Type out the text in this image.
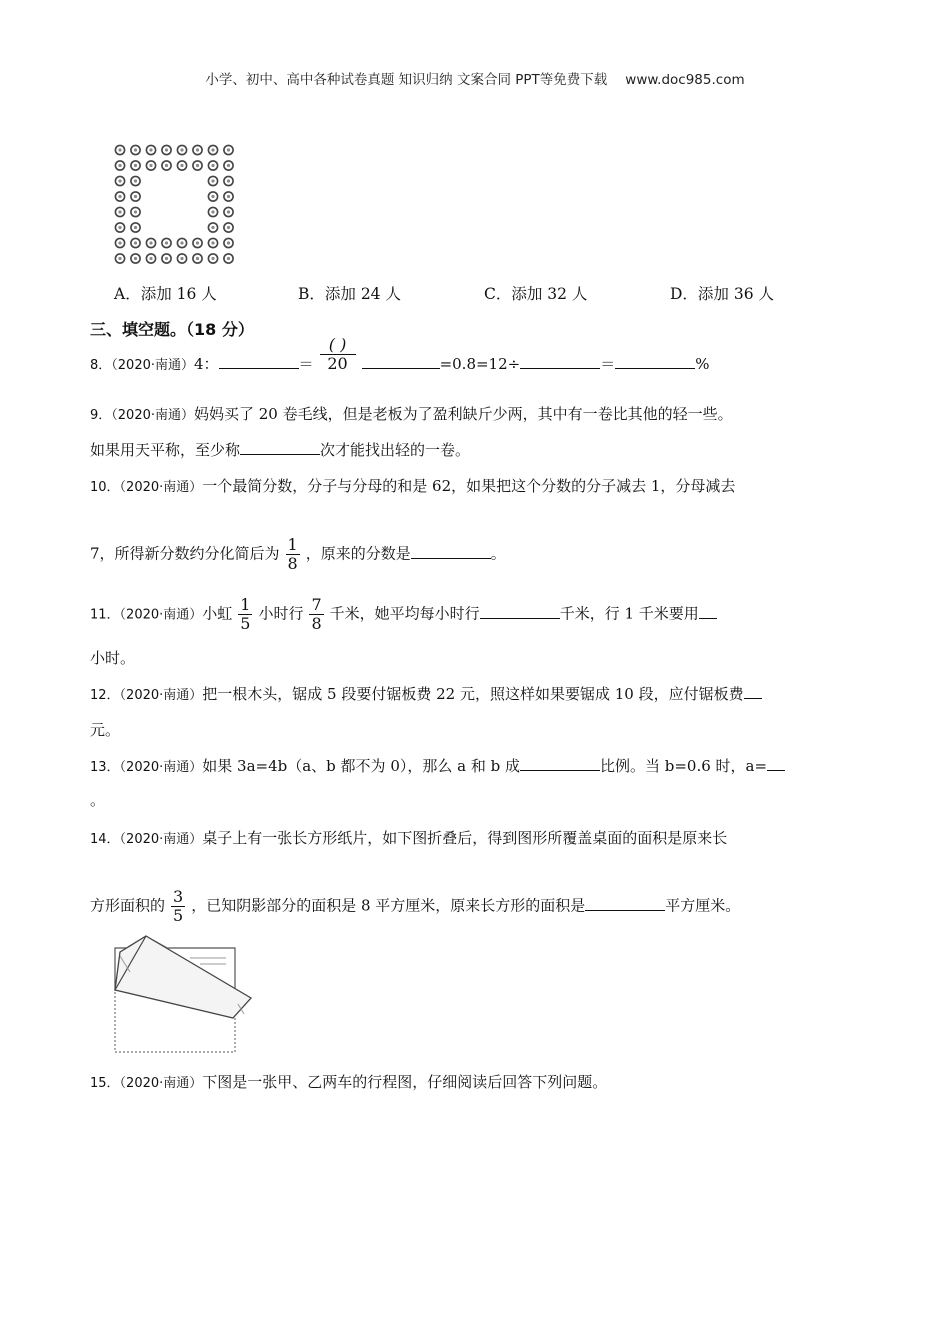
小学、初中、高中各种试卷真题 知识归纳 文案合同 PPT等免费下载 www.doc985.com
A．添加 16 人	B．添加 24 人	C．添加 32 人	D．添加 36 人
三、填空题。（18 分）
8．（2020·南通）4：	＝ $\frac{( )}{20}$	=0.8=12÷	＝	%
9．（2020·南通）妈妈买了 20 卷毛线，但是老板为了盈利缺斤少两，其中有一卷比其他的轻一些。
如果用天平称，至少称	次才能找出轻的一卷。
10．（2020·南通）一个最简分数，分子与分母的和是 62，如果把这个分数的分子减去 1，分母减去
7，所得新分数约分化简后为 $\frac{1}{8}$ ，原来的分数是	。
11．（2020·南通）小虹 $\frac{1}{5}$ 小时行 $\frac{7}{8}$ 千米，她平均每小时行	千米，行 1 千米要用
小时。
12．（2020·南通）把一根木头，锯成 5 段要付锯板费 22 元，照这样如果要锯成 10 段，应付锯板费
元。
13．（2020·南通）如果 3a=4b（a、b 都不为 0），那么 a 和 b 成	比例。当 b=0.6 时，a=
。
14．（2020·南通）桌子上有一张长方形纸片，如下图折叠后，得到图形所覆盖桌面的面积是原来长
方形面积的 $\frac{3}{5}$ ，已知阴影部分的面积是 8 平方厘米，原来长方形的面积是	平方厘米。
15．（2020·南通）下图是一张甲、乙两车的行程图，仔细阅读后回答下列问题。
